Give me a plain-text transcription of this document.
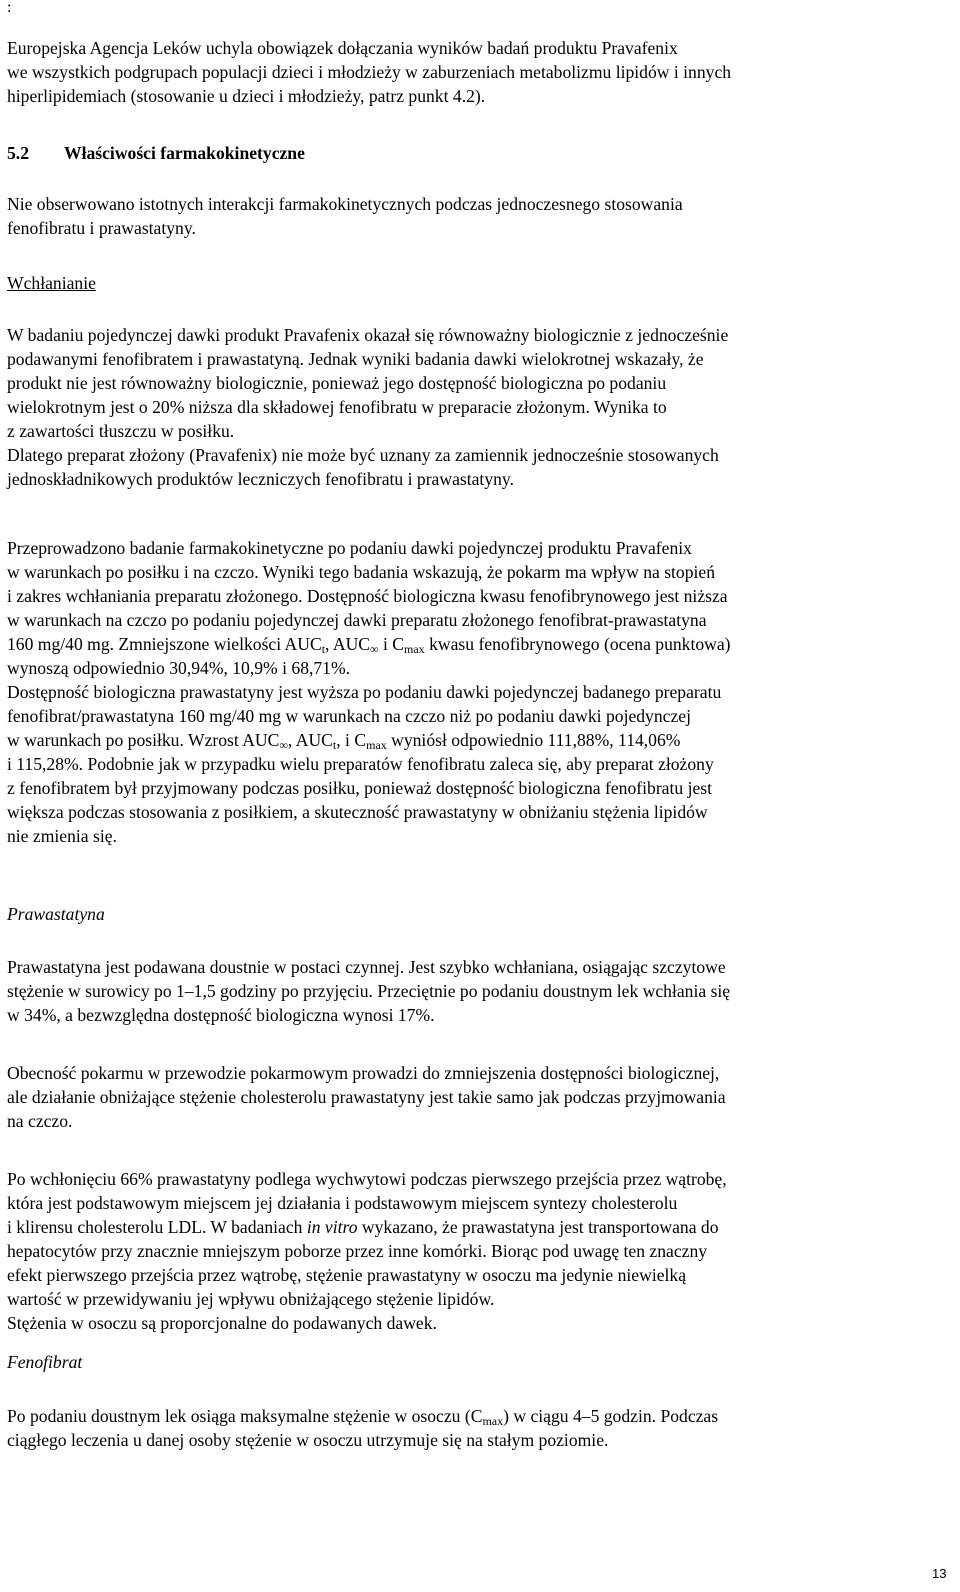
:

Europejska Agencja Leków uchyla obowiązek dołączania wyników badań produktu Pravafenix
we wszystkich podgrupach populacji dzieci i młodzieży w zaburzeniach metabolizmu lipidów i innych
hiperlipidemiach (stosowanie u dzieci i młodzieży, patrz punkt 4.2).

5.2 Właściwości farmakokinetyczne

Nie obserwowano istotnych interakcji farmakokinetycznych podczas jednoczesnego stosowania
fenofibratu i prawastatyny.

Wchłanianie

W badaniu pojedynczej dawki produkt Pravafenix okazał się równoważny biologicznie z jednocześnie
podawanymi fenofibratem i prawastatyną. Jednak wyniki badania dawki wielokrotnej wskazały, że
produkt nie jest równoważny biologicznie, ponieważ jego dostępność biologiczna po podaniu
wielokrotnym jest o 20% niższa dla składowej fenofibratu w preparacie złożonym. Wynika to
z zawartości tłuszczu w posiłku.
Dlatego preparat złożony (Pravafenix) nie może być uznany za zamiennik jednocześnie stosowanych
jednoskładnikowych produktów leczniczych fenofibratu i prawastatyny.

Przeprowadzono badanie farmakokinetyczne po podaniu dawki pojedynczej produktu Pravafenix
w warunkach po posiłku i na czczo. Wyniki tego badania wskazują, że pokarm ma wpływ na stopień
i zakres wchłaniania preparatu złożonego. Dostępność biologiczna kwasu fenofibrynowego jest niższa
w warunkach na czczo po podaniu pojedynczej dawki preparatu złożonego fenofibrat-prawastatyna
160 mg/40 mg. Zmniejszone wielkości $AUC_t$, $AUC_\infty$ i $C_{max}$ kwasu fenofibrynowego (ocena punktowa)
wynoszą odpowiednio 30,94%, 10,9% i 68,71%.
Dostępność biologiczna prawastatyny jest wyższa po podaniu dawki pojedynczej badanego preparatu
fenofibrat/prawastatyna 160 mg/40 mg w warunkach na czczo niż po podaniu dawki pojedynczej
w warunkach po posiłku. Wzrost $AUC_\infty$, $AUC_t$, i $C_{max}$ wyniósł odpowiednio 111,88%, 114,06%
i 115,28%. Podobnie jak w przypadku wielu preparatów fenofibratu zaleca się, aby preparat złożony
z fenofibratem był przyjmowany podczas posiłku, ponieważ dostępność biologiczna fenofibratu jest
większa podczas stosowania z posiłkiem, a skuteczność prawastatyny w obniżaniu stężenia lipidów
nie zmienia się.

Prawastatyna

Prawastatyna jest podawana doustnie w postaci czynnej. Jest szybko wchłaniana, osiągając szczytowe
stężenie w surowicy po 1–1,5 godziny po przyjęciu. Przeciętnie po podaniu doustnym lek wchłania się
w 34%, a bezwzględna dostępność biologiczna wynosi 17%.

Obecność pokarmu w przewodzie pokarmowym prowadzi do zmniejszenia dostępności biologicznej,
ale działanie obniżające stężenie cholesterolu prawastatyny jest takie samo jak podczas przyjmowania
na czczo.

Po wchłonięciu 66% prawastatyny podlega wychwytowi podczas pierwszego przejścia przez wątrobę,
która jest podstawowym miejscem jej działania i podstawowym miejscem syntezy cholesterolu
i klirensu cholesterolu LDL. W badaniach in vitro wykazano, że prawastatyna jest transportowana do
hepatocytów przy znacznie mniejszym poborze przez inne komórki. Biorąc pod uwagę ten znaczny
efekt pierwszego przejścia przez wątrobę, stężenie prawastatyny w osoczu ma jedynie niewielką
wartość w przewidywaniu jej wpływu obniżającego stężenie lipidów.
Stężenia w osoczu są proporcjonalne do podawanych dawek.

Fenofibrat

Po podaniu doustnym lek osiąga maksymalne stężenie w osoczu $(C_{max})$ w ciągu 4–5 godzin. Podczas
ciągłego leczenia u danej osoby stężenie w osoczu utrzymuje się na stałym poziomie.

13
